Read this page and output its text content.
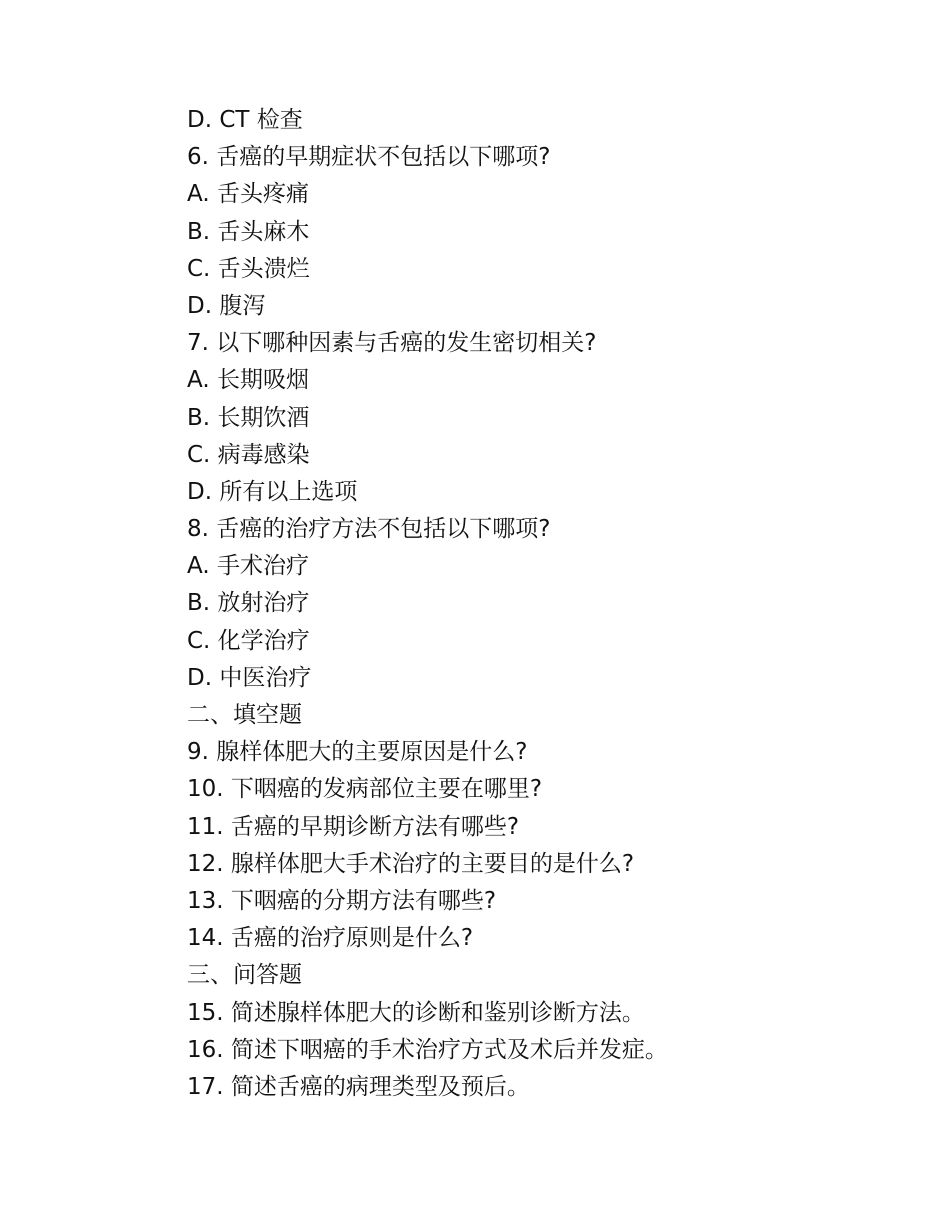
D. CT 检查
6. 舌癌的早期症状不包括以下哪项?
A. 舌头疼痛
B. 舌头麻木
C. 舌头溃烂
D. 腹泻
7. 以下哪种因素与舌癌的发生密切相关?
A. 长期吸烟
B. 长期饮酒
C. 病毒感染
D. 所有以上选项
8. 舌癌的治疗方法不包括以下哪项?
A. 手术治疗
B. 放射治疗
C. 化学治疗
D. 中医治疗
二、填空题
9. 腺样体肥大的主要原因是什么?
10. 下咽癌的发病部位主要在哪里?
11. 舌癌的早期诊断方法有哪些?
12. 腺样体肥大手术治疗的主要目的是什么?
13. 下咽癌的分期方法有哪些?
14. 舌癌的治疗原则是什么?
三、问答题
15. 简述腺样体肥大的诊断和鉴别诊断方法。
16. 简述下咽癌的手术治疗方式及术后并发症。
17. 简述舌癌的病理类型及预后。
